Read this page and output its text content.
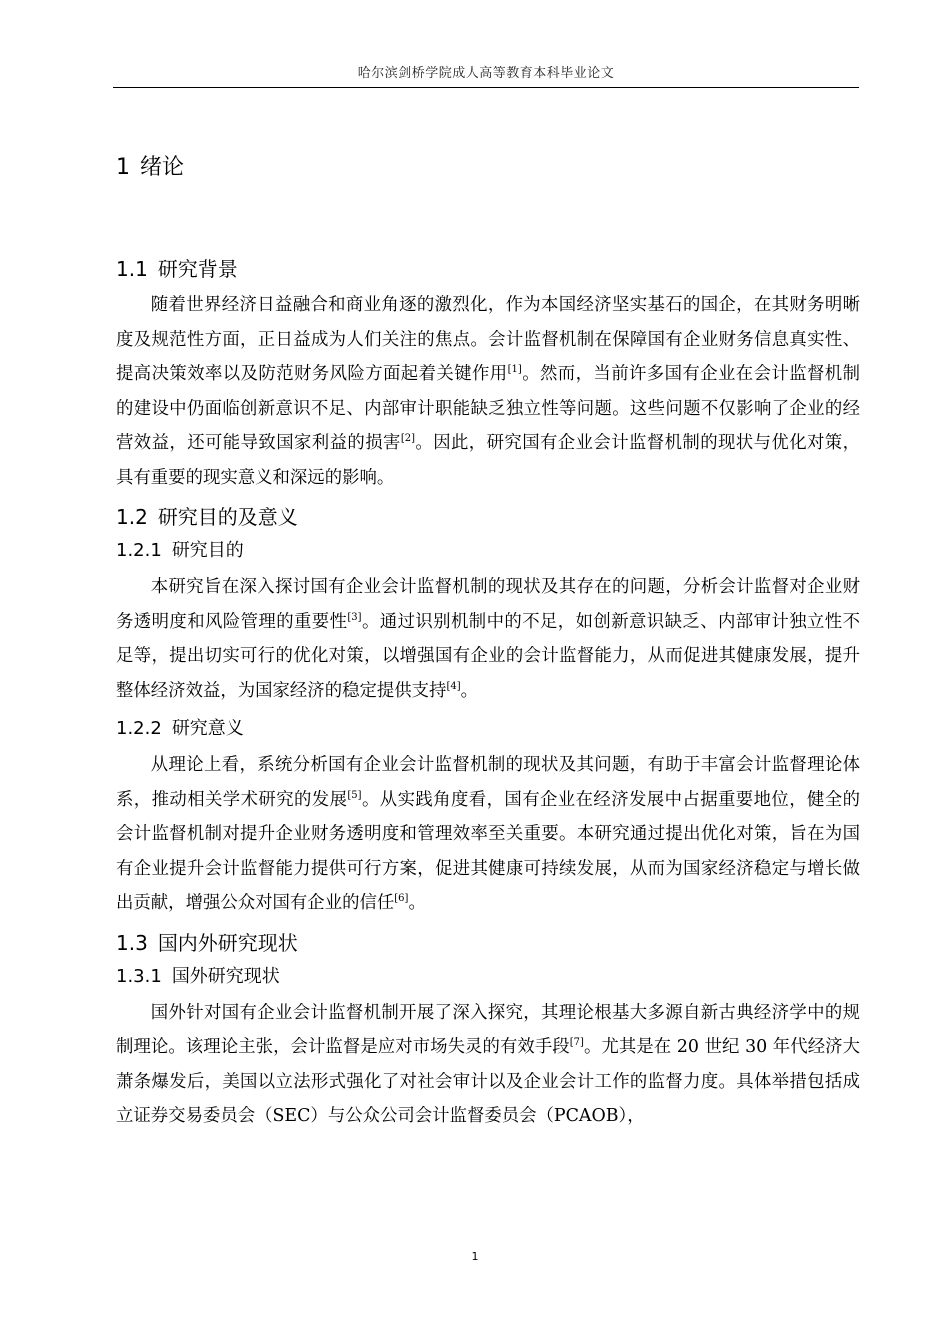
哈尔滨剑桥学院成人高等教育本科毕业论文
1 绪论
1.1 研究背景

随着世界经济日益融合和商业角逐的激烈化，作为本国经济坚实基石的国企，在其财务明晰度及规范性方面，正日益成为人们关注的焦点。会计监督机制在保障国有企业财务信息真实性、提高决策效率以及防范财务风险方面起着关键作用[1]。然而，当前许多国有企业在会计监督机制的建设中仍面临创新意识不足、内部审计职能缺乏独立性等问题。这些问题不仅影响了企业的经营效益，还可能导致国家利益的损害[2]。因此，研究国有企业会计监督机制的现状与优化对策，具有重要的现实意义和深远的影响。

1.2 研究目的及意义
1.2.1 研究目的

本研究旨在深入探讨国有企业会计监督机制的现状及其存在的问题，分析会计监督对企业财务透明度和风险管理的重要性[3]。通过识别机制中的不足，如创新意识缺乏、内部审计独立性不足等，提出切实可行的优化对策，以增强国有企业的会计监督能力，从而促进其健康发展，提升整体经济效益，为国家经济的稳定提供支持[4]。

1.2.2 研究意义

从理论上看，系统分析国有企业会计监督机制的现状及其问题，有助于丰富会计监督理论体系，推动相关学术研究的发展[5]。从实践角度看，国有企业在经济发展中占据重要地位，健全的会计监督机制对提升企业财务透明度和管理效率至关重要。本研究通过提出优化对策，旨在为国有企业提升会计监督能力提供可行方案，促进其健康可持续发展，从而为国家经济稳定与增长做出贡献，增强公众对国有企业的信任[6]。

1.3 国内外研究现状
1.3.1 国外研究现状

国外针对国有企业会计监督机制开展了深入探究，其理论根基大多源自新古典经济学中的规制理论。该理论主张，会计监督是应对市场失灵的有效手段[7]。尤其是在 20 世纪 30 年代经济大萧条爆发后，美国以立法形式强化了对社会审计以及企业会计工作的监督力度。具体举措包括成立证券交易委员会（SEC）与公众公司会计监督委员会（PCAOB），

1
